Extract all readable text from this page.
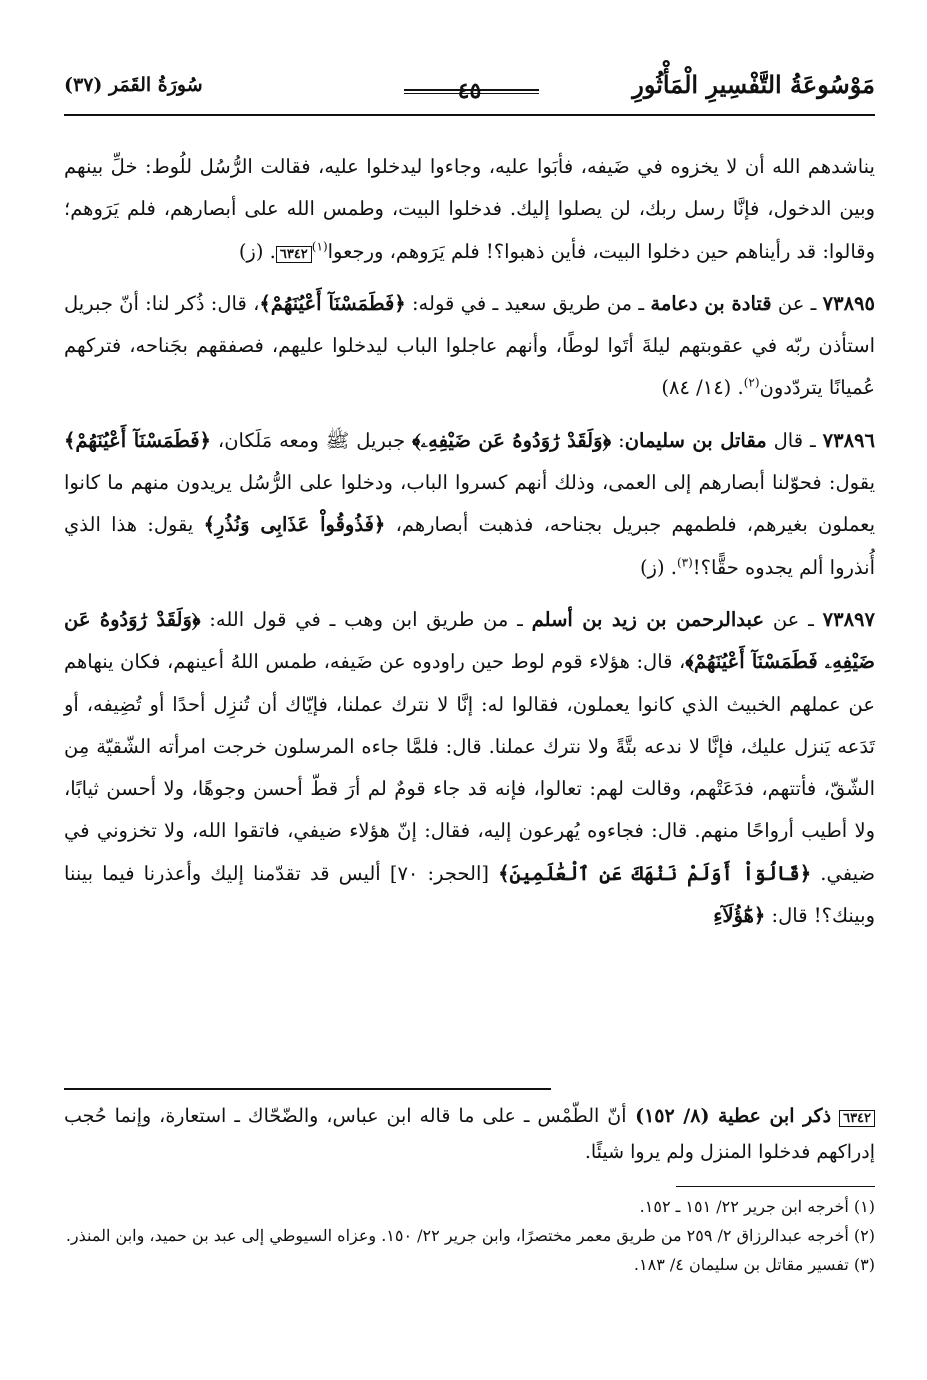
مَوْسُوعَةُ التَّفْسِيرِ الْمَأْثُورِ
٤٥
سُورَةُ القَمَر (٣٧)

يناشدهم الله أن لا يخزوه في ضَيفه، فأبَوا عليه، وجاءوا ليدخلوا عليه، فقالت الرُّسُل للُوط: خلِّ بينهم وبين الدخول، فإنَّا رسل ربك، لن يصلوا إليك. فدخلوا البيت، وطمس الله على أبصارهم، فلم يَرَوهم؛ وقالوا: قد رأيناهم حين دخلوا البيت، فأين ذهبوا؟! فلم يَرَوهم، ورجعوا$^{(١)}$٦٣٤٢. (ز)

٧٣٨٩٥ ـ عن قتادة بن دعامة ـ من طريق سعيد ـ في قوله: ﴿فَطَمَسْنَآ أَعْيُنَهُمْ﴾، قال: ذُكر لنا: أنّ جبريل استأذن ربّه في عقوبتهم ليلةَ أتَوا لوطًا، وأنهم عاجلوا الباب ليدخلوا عليهم، فصفقهم بجَناحه، فتركهم عُميانًا يتردّدون$^{(٢)}$. (١٤/ ٨٤)

٧٣٨٩٦ ـ قال مقاتل بن سليمان: ﴿وَلَقَدْ رَٰوَدُوهُ عَن ضَيْفِهِۦ﴾ جبريل ﷺ ومعه مَلَكان، ﴿فَطَمَسْنَآ أَعْيُنَهُمْ﴾ يقول: فحوّلنا أبصارهم إلى العمى، وذلك أنهم كسروا الباب، ودخلوا على الرُّسُل يريدون منهم ما كانوا يعملون بغيرهم، فلطمهم جبريل بجناحه، فذهبت أبصارهم، ﴿فَذُوقُواْ عَذَابِى وَنُذُرِ﴾ يقول: هذا الذي أُنذروا ألم يجدوه حقًّا؟!$^{(٣)}$. (ز)

٧٣٨٩٧ ـ عن عبدالرحمن بن زيد بن أسلم ـ من طريق ابن وهب ـ في قول الله: ﴿وَلَقَدْ رَٰوَدُوهُ عَن ضَيْفِهِۦ فَطَمَسْنَآ أَعْيُنَهُمْ﴾، قال: هؤلاء قوم لوط حين راودوه عن ضَيفه، طمس اللهُ أعينهم، فكان ينهاهم عن عملهم الخبيث الذي كانوا يعملون، فقالوا له: إنَّا لا نترك عملنا، فإيّاك أن تُنزِل أحدًا أو تُضِيفه، أو تَدَعه يَنزل عليك، فإنَّا لا ندعه بتَّةً ولا نترك عملنا. قال: فلمَّا جاءه المرسلون خرجت امرأته الشّقيّة مِن الشّقّ، فأتتهم، فدَعَتْهم، وقالت لهم: تعالوا، فإنه قد جاء قومٌ لم أرَ قطّ أحسن وجوهًا، ولا أحسن ثيابًا، ولا أطيب أرواحًا منهم. قال: فجاءوه يُهرعون إليه، فقال: إنّ هؤلاء ضيفي، فاتقوا الله، ولا تخزوني في ضيفي. ﴿قَالُوٓاْ أَوَلَمْ نَنْهَكَ عَنِ ٱلْعَٰلَمِينَ﴾ [الحجر: ٧٠] أليس قد تقدّمنا إليك وأعذرنا فيما بيننا وبينك؟! قال: ﴿هَٰٓؤُلَآءِ

٦٣٤٢ ذكر ابن عطية (٨/ ١٥٢) أنّ الطّمْس ـ على ما قاله ابن عباس، والضّحّاك ـ استعارة، وإنما حُجب إدراكهم فدخلوا المنزل ولم يروا شيئًا.

(١) أخرجه ابن جرير ٢٢/ ١٥١ ـ ١٥٢.

(٢) أخرجه عبدالرزاق ٢/ ٢٥٩ من طريق معمر مختصرًا، وابن جرير ٢٢/ ١٥٠. وعزاه السيوطي إلى عبد بن حميد، وابن المنذر.

(٣) تفسير مقاتل بن سليمان ٤/ ١٨٣.
